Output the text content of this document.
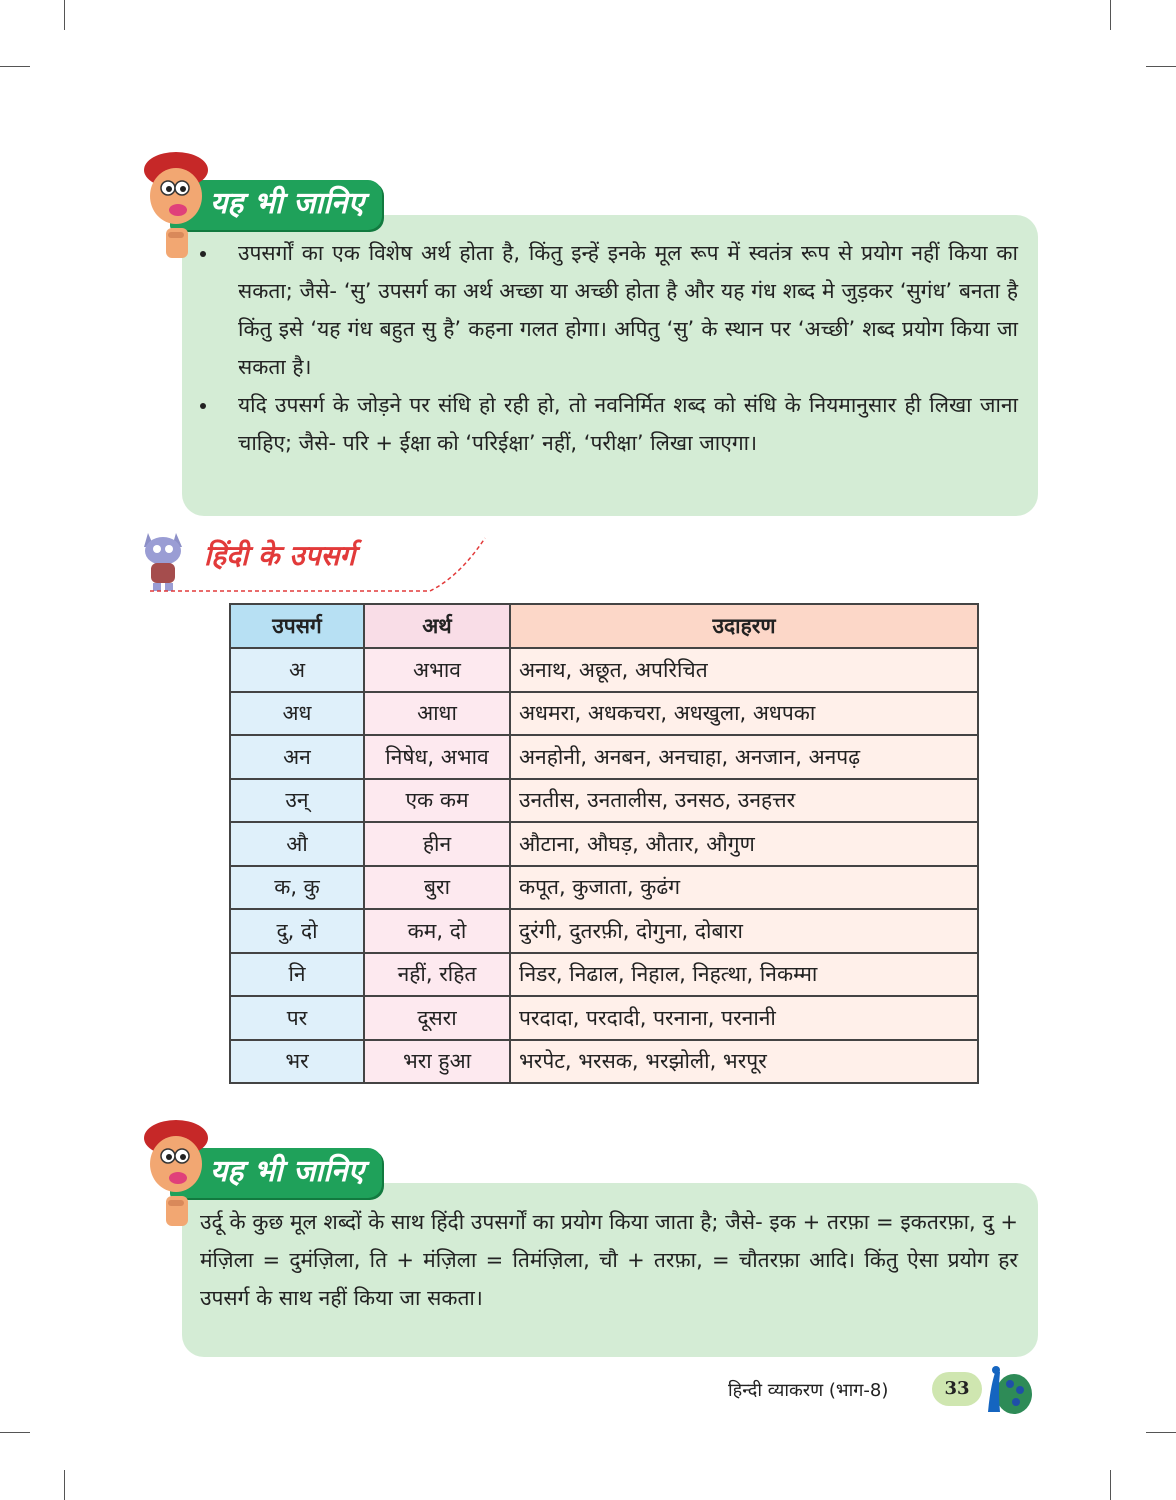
यह भी जानिए
उपसर्गों का एक विशेष अर्थ होता है, किंतु इन्हें इनके मूल रूप में स्वतंत्र रूप से प्रयोग नहीं किया का सकता; जैसे- ‘सु’ उपसर्ग का अर्थ अच्छा या अच्छी होता है और यह गंध शब्द मे जुड़कर ‘सुगंध’ बनता है किंतु इसे ‘यह गंध बहुत सु है’ कहना गलत होगा। अपितु ‘सु’ के स्थान पर ‘अच्छी’ शब्द प्रयोग किया जा सकता है।
यदि उपसर्ग के जोड़ने पर संधि हो रही हो, तो नवनिर्मित शब्द को संधि के नियमानुसार ही लिखा जाना चाहिए; जैसे- परि + ईक्षा को ‘परिईक्षा’ नहीं, ‘परीक्षा’ लिखा जाएगा।
हिंदी के उपसर्ग
उपसर्ग	अर्थ	उदाहरण
अ	अभाव	अनाथ, अछूत, अपरिचित
अध	आधा	अधमरा, अधकचरा, अधखुला, अधपका
अन	निषेध, अभाव	अनहोनी, अनबन, अनचाहा, अनजान, अनपढ़
उन्	एक कम	उनतीस, उनतालीस, उनसठ, उनहत्तर
औ	हीन	औटाना, औघड़, औतार, औगुण
क, कु	बुरा	कपूत, कुजाता, कुढंग
दु, दो	कम, दो	दुरंगी, दुतरफ़ी, दोगुना, दोबारा
नि	नहीं, रहित	निडर, निढाल, निहाल, निहत्था, निकम्मा
पर	दूसरा	परदादा, परदादी, परनाना, परनानी
भर	भरा हुआ	भरपेट, भरसक, भरझोली, भरपूर
यह भी जानिए
उर्दू के कुछ मूल शब्दों के साथ हिंदी उपसर्गों का प्रयोग किया जाता है; जैसे- इक + तरफ़ा = इकतरफ़ा, दु + मंज़िला = दुमंज़िला, ति + मंज़िला = तिमंज़िला, चौ + तरफ़ा, = चौतरफ़ा आदि। किंतु ऐसा प्रयोग हर उपसर्ग के साथ नहीं किया जा सकता।
हिन्दी व्याकरण (भाग-8)	33
